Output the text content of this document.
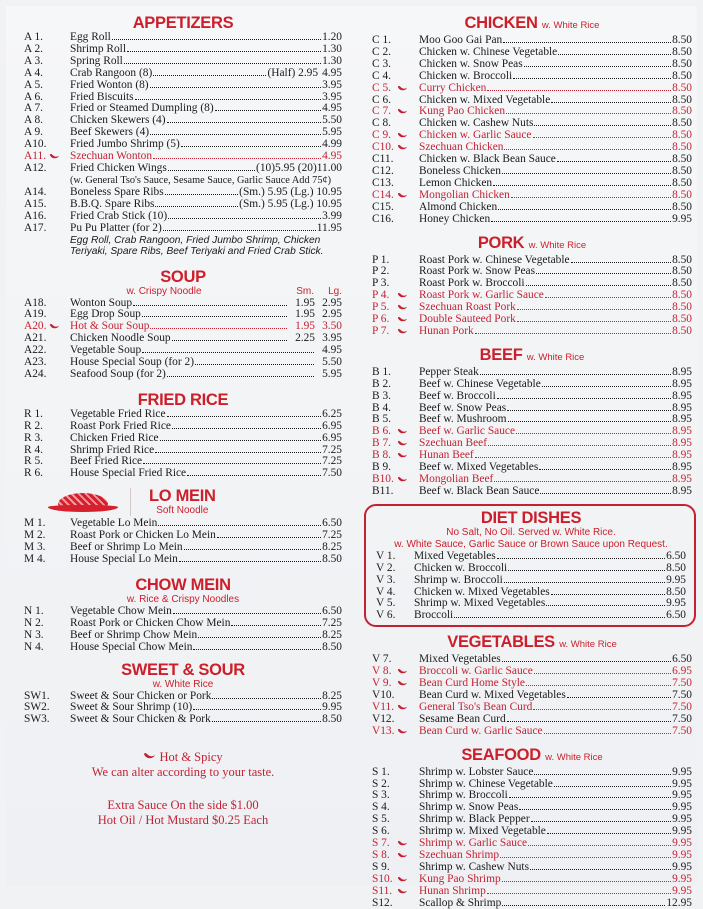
APPETIZERS
A 1.	Egg Roll	1.20
A 2.	Shrimp Roll	1.30
A 3.	Spring Roll	1.30
A 4.	Crab Rangoon (8)	(Half) 2.95 4.95
A 5.	Fried Wonton (8)	3.95
A 6.	Fried Biscuits	3.95
A 7.	Fried or Steamed Dumpling (8)	4.95
A 8.	Chicken Skewers (4)	5.50
A 9.	Beef Skewers (4)	5.95
A10.	Fried Jumbo Shrimp (5)	4.99
A11.	Szechuan Wonton	4.95
A12.	Fried Chicken Wings	(10)5.95 (20)11.00
(w. General Tso's Sauce, Sesame Sauce, Garlic Sauce Add 75¢)
A14.	Boneless Spare Ribs	(Sm.) 5.95 (Lg.) 10.95
A15.	B.B.Q. Spare Ribs	(Sm.) 5.95 (Lg.) 10.95
A16.	Fried Crab Stick (10)	3.99
A17.	Pu Pu Platter (for 2)	11.95
Egg Roll, Crab Rangoon, Fried Jumbo Shrimp, Chicken Teriyaki, Spare Ribs, Beef Teriyaki and Fried Crab Stick.
SOUP
w. Crispy Noodle	Sm.	Lg.
A18.	Wonton Soup	1.95 2.95
A19.	Egg Drop Soup	1.95 2.95
A20.	Hot & Sour Soup	1.95 3.50
A21.	Chicken Noodle Soup	2.25 3.95
A22.	Vegetable Soup	4.95
A23.	House Special Soup (for 2)	5.50
A24.	Seafood Soup (for 2)	5.95
FRIED RICE
R 1.	Vegetable Fried Rice	6.25
R 2.	Roast Pork Fried Rice	6.95
R 3.	Chicken Fried Rice	6.95
R 4.	Shrimp Fried Rice	7.25
R 5.	Beef Fried Rice	7.25
R 6.	House Special Fried Rice	7.50
LO MEIN
Soft Noodle
M 1.	Vegetable Lo Mein	6.50
M 2.	Roast Pork or Chicken Lo Mein	7.25
M 3.	Beef or Shrimp Lo Mein	8.25
M 4.	House Special Lo Mein	8.50
CHOW MEIN
w. Rice & Crispy Noodles
N 1.	Vegetable Chow Mein	6.50
N 2.	Roast Pork or Chicken Chow Mein	7.25
N 3.	Beef or Shrimp Chow Mein	8.25
N 4.	House Special Chow Mein	8.50
SWEET & SOUR
w. White Rice
SW1.	Sweet & Sour Chicken or Pork	8.25
SW2.	Sweet & Sour Shrimp (10)	9.95
SW3.	Sweet & Sour Chicken & Pork	8.50
Hot & Spicy
We can alter according to your taste.
Extra Sauce On the side $1.00
Hot Oil / Hot Mustard $0.25 Each
CHICKEN w. White Rice
C 1.	Moo Goo Gai Pan	8.50
C 2.	Chicken w. Chinese Vegetable	8.50
C 3.	Chicken w. Snow Peas	8.50
C 4.	Chicken w. Broccoli	8.50
C 5.	Curry Chicken	8.50
C 6.	Chicken w. Mixed Vegetable	8.50
C 7.	Kung Pao Chicken	8.50
C 8.	Chicken w. Cashew Nuts	8.50
C 9.	Chicken w. Garlic Sauce	8.50
C10.	Szechuan Chicken	8.50
C11.	Chicken w. Black Bean Sauce	8.50
C12.	Boneless Chicken	8.50
C13.	Lemon Chicken	8.50
C14.	Mongolian Chicken	8.50
C15.	Almond Chicken	8.50
C16.	Honey Chicken	9.95
PORK w. White Rice
P 1.	Roast Pork w. Chinese Vegetable	8.50
P 2.	Roast Pork w. Snow Peas	8.50
P 3.	Roast Pork w. Broccoli	8.50
P 4.	Roast Pork w. Garlic Sauce	8.50
P 5.	Szechuan Roast Pork	8.50
P 6.	Double Sauteed Pork	8.50
P 7.	Hunan Pork	8.50
BEEF w. White Rice
B 1.	Pepper Steak	8.95
B 2.	Beef w. Chinese Vegetable	8.95
B 3.	Beef w. Broccoli	8.95
B 4.	Beef w. Snow Peas	8.95
B 5.	Beef w. Mushroom	8.95
B 6.	Beef w. Garlic Sauce	8.95
B 7.	Szechuan Beef	8.95
B 8.	Hunan Beef	8.95
B 9.	Beef w. Mixed Vegetables	8.95
B10.	Mongolian Beef	8.95
B11.	Beef w. Black Bean Sauce	8.95
DIET DISHES
No Salt, No Oil. Served w. White Rice.
w. White Sauce, Garlic Sauce or Brown Sauce upon Request.
V 1.	Mixed Vegetables	6.50
V 2.	Chicken w. Broccoli	8.50
V 3.	Shrimp w. Broccoli	9.95
V 4.	Chicken w. Mixed Vegetables	8.50
V 5.	Shrimp w. Mixed Vegetables	9.95
V 6.	Broccoli	6.50
VEGETABLES w. White Rice
V 7.	Mixed Vegetables	6.50
V 8.	Broccoli w. Garlic Sauce	6.95
V 9.	Bean Curd Home Style	7.50
V10.	Bean Curd w. Mixed Vegetables	7.50
V11.	General Tso's Bean Curd	7.50
V12.	Sesame Bean Curd	7.50
V13.	Bean Curd w. Garlic Sauce	7.50
SEAFOOD w. White Rice
S 1.	Shrimp w. Lobster Sauce	9.95
S 2.	Shrimp w. Chinese Vegetable	9.95
S 3.	Shrimp w. Broccoli	9.95
S 4.	Shrimp w. Snow Peas	9.95
S 5.	Shrimp w. Black Pepper	9.95
S 6.	Shrimp w. Mixed Vegetable	9.95
S 7.	Shrimp w. Garlic Sauce	9.95
S 8.	Szechuan Shrimp	9.95
S 9.	Shrimp w. Cashew Nuts	9.95
S10.	Kung Pao Shrimp	9.95
S11.	Hunan Shrimp	9.95
S12.	Scallop & Shrimp	12.95
